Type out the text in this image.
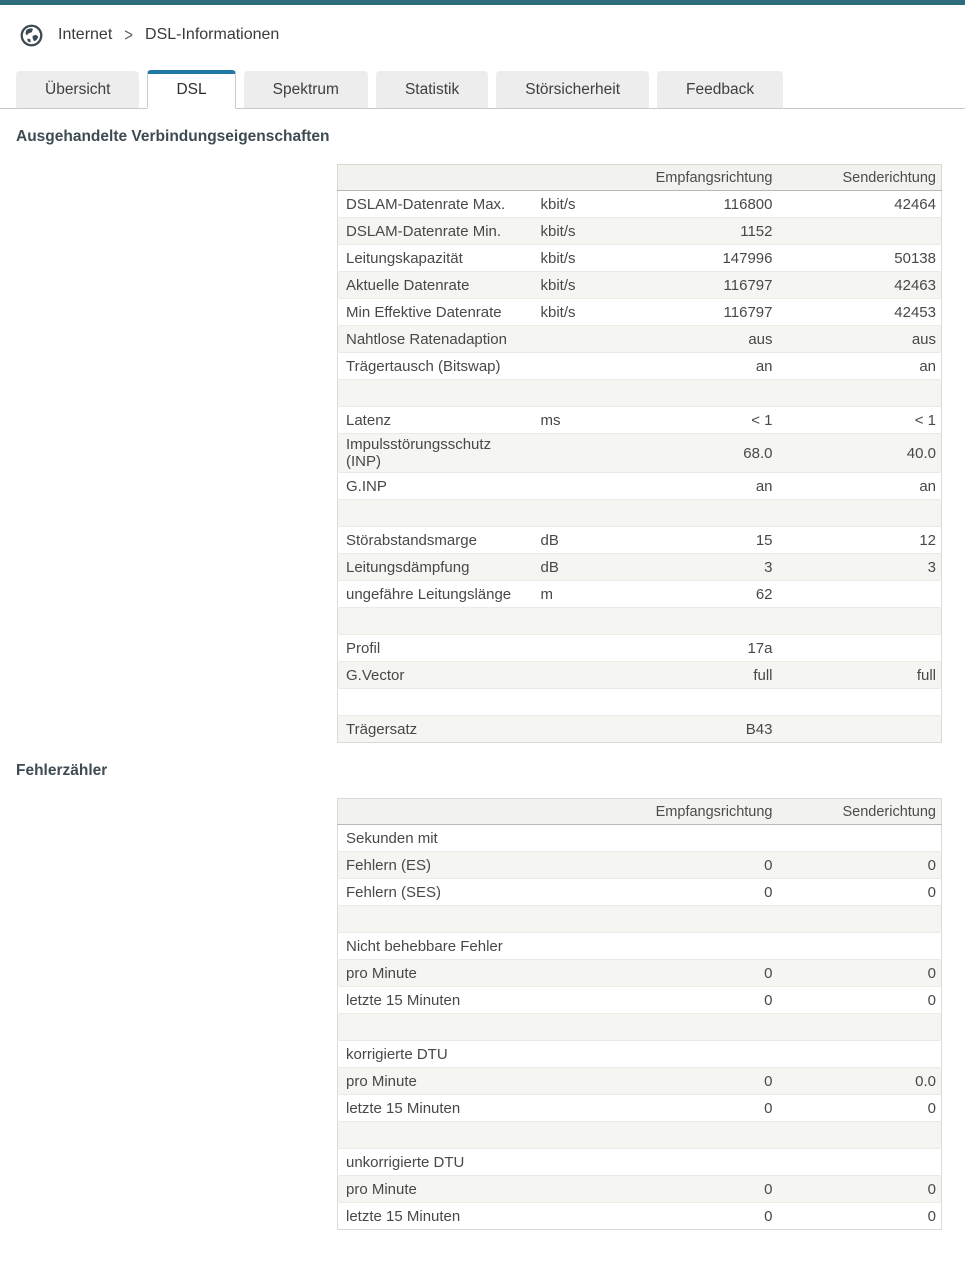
Internet > DSL-Informationen
Übersicht	DSL	Spektrum	Statistik	Störsicherheit	Feedback
Ausgehandelte Verbindungseigenschaften
		Empfangsrichtung	Senderichtung
DSLAM-Datenrate Max.	kbit/s	116800	42464
DSLAM-Datenrate Min.	kbit/s	1152	
Leitungskapazität	kbit/s	147996	50138
Aktuelle Datenrate	kbit/s	116797	42463
Min Effektive Datenrate	kbit/s	116797	42453
Nahtlose Ratenadaption		aus	aus
Trägertausch (Bitswap)		an	an

Latenz	ms	< 1	< 1
Impulsstörungsschutz (INP)		68.0	40.0
G.INP		an	an

Störabstandsmarge	dB	15	12
Leitungsdämpfung	dB	3	3
ungefähre Leitungslänge	m	62	

Profil		17a	
G.Vector		full	full

Trägersatz		B43	
Fehlerzähler
		Empfangsrichtung	Senderichtung
Sekunden mit			
Fehlern (ES)		0	0
Fehlern (SES)		0	0

Nicht behebbare Fehler			
pro Minute		0	0
letzte 15 Minuten		0	0

korrigierte DTU			
pro Minute		0	0.0
letzte 15 Minuten		0	0

unkorrigierte DTU			
pro Minute		0	0
letzte 15 Minuten		0	0
